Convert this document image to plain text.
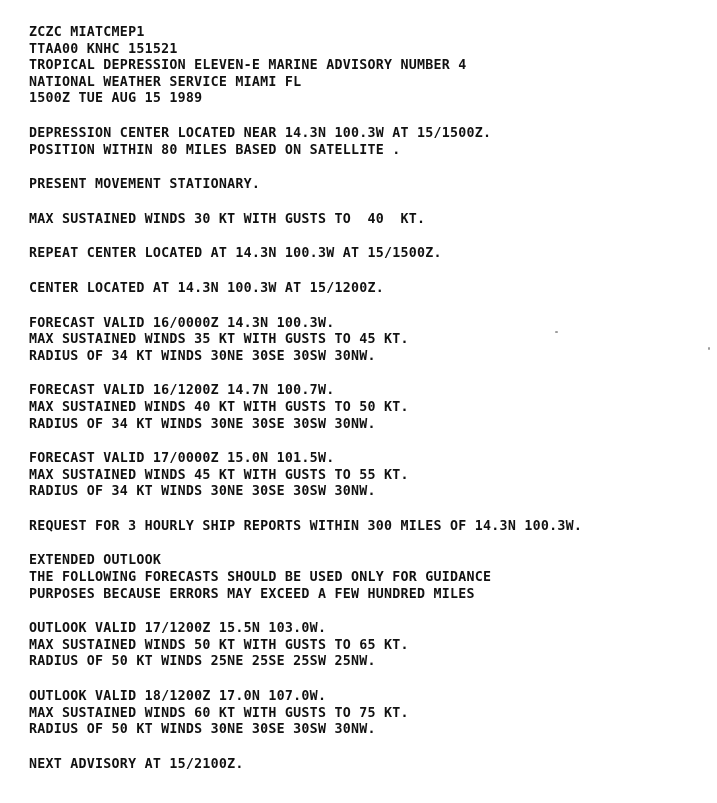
ZCZC MIATCMEP1
TTAA00 KNHC 151521
TROPICAL DEPRESSION ELEVEN-E MARINE ADVISORY NUMBER 4
NATIONAL WEATHER SERVICE MIAMI FL
1500Z TUE AUG 15 1989
DEPRESSION CENTER LOCATED NEAR 14.3N 100.3W AT 15/1500Z.
POSITION WITHIN 80 MILES BASED ON SATELLITE .
PRESENT MOVEMENT STATIONARY.
MAX SUSTAINED WINDS 30 KT WITH GUSTS TO  40  KT.
REPEAT CENTER LOCATED AT 14.3N 100.3W AT 15/1500Z.
CENTER LOCATED AT 14.3N 100.3W AT 15/1200Z.
FORECAST VALID 16/0000Z 14.3N 100.3W.
MAX SUSTAINED WINDS 35 KT WITH GUSTS TO 45 KT.
RADIUS OF 34 KT WINDS 30NE 30SE 30SW 30NW.
FORECAST VALID 16/1200Z 14.7N 100.7W.
MAX SUSTAINED WINDS 40 KT WITH GUSTS TO 50 KT.
RADIUS OF 34 KT WINDS 30NE 30SE 30SW 30NW.
FORECAST VALID 17/0000Z 15.0N 101.5W.
MAX SUSTAINED WINDS 45 KT WITH GUSTS TO 55 KT.
RADIUS OF 34 KT WINDS 30NE 30SE 30SW 30NW.
REQUEST FOR 3 HOURLY SHIP REPORTS WITHIN 300 MILES OF 14.3N 100.3W.
EXTENDED OUTLOOK
THE FOLLOWING FORECASTS SHOULD BE USED ONLY FOR GUIDANCE
PURPOSES BECAUSE ERRORS MAY EXCEED A FEW HUNDRED MILES
OUTLOOK VALID 17/1200Z 15.5N 103.0W.
MAX SUSTAINED WINDS 50 KT WITH GUSTS TO 65 KT.
RADIUS OF 50 KT WINDS 25NE 25SE 25SW 25NW.
OUTLOOK VALID 18/1200Z 17.0N 107.0W.
MAX SUSTAINED WINDS 60 KT WITH GUSTS TO 75 KT.
RADIUS OF 50 KT WINDS 30NE 30SE 30SW 30NW.
NEXT ADVISORY AT 15/2100Z.
